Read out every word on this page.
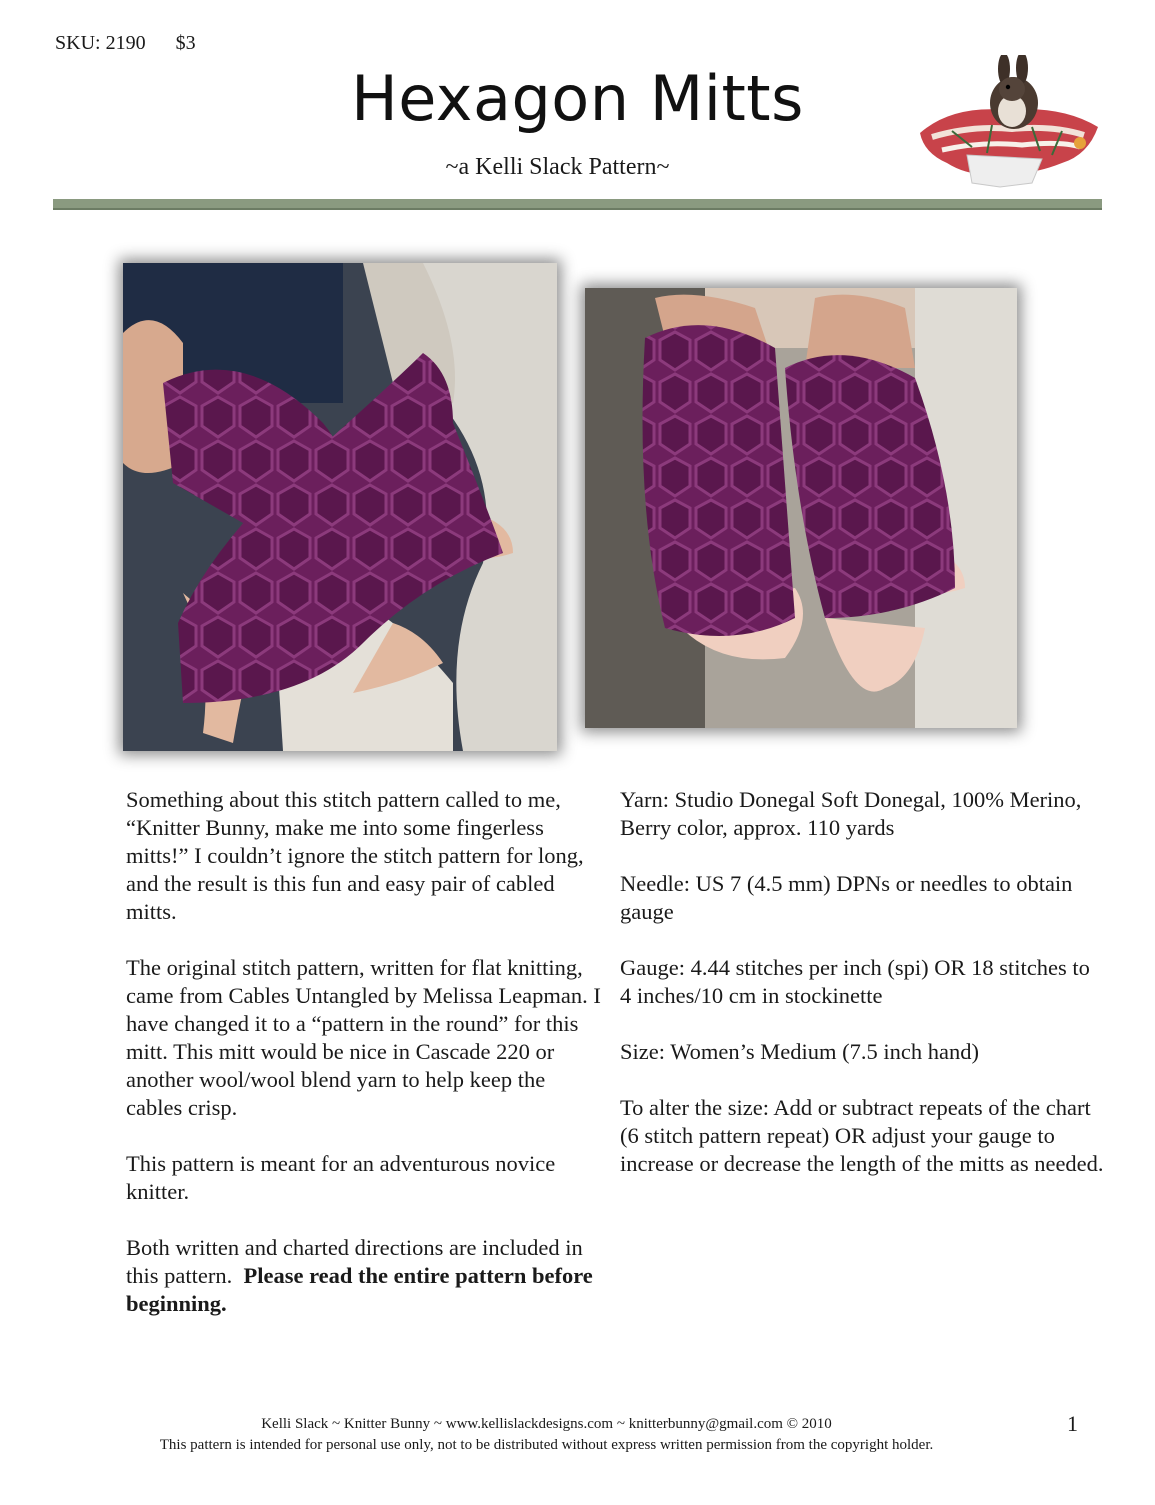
SKU: 2190 $3
Hexagon Mitts
~a Kelli Slack Pattern~

Something about this stitch pattern called to me, “Knitter Bunny, make me into some fingerless mitts!” I couldn’t ignore the stitch pattern for long, and the result is this fun and easy pair of cabled mitts.

The original stitch pattern, written for flat knitting, came from Cables Untangled by Melissa Leapman. I have changed it to a “pattern in the round” for this mitt. This mitt would be nice in Cascade 220 or another wool/wool blend yarn to help keep the cables crisp.

This pattern is meant for an adventurous novice knitter.

Both written and charted directions are included in this pattern. Please read the entire pattern before beginning.

Yarn: Studio Donegal Soft Donegal, 100% Merino, Berry color, approx. 110 yards

Needle: US 7 (4.5 mm) DPNs or needles to obtain gauge

Gauge: 4.44 stitches per inch (spi) OR 18 stitches to 4 inches/10 cm in stockinette

Size: Women’s Medium (7.5 inch hand)

To alter the size: Add or subtract repeats of the chart (6 stitch pattern repeat) OR adjust your gauge to increase or decrease the length of the mitts as needed.

Kelli Slack ~ Knitter Bunny ~ www.kellislackdesigns.com ~ knitterbunny@gmail.com © 2010
This pattern is intended for personal use only, not to be distributed without express written permission from the copyright holder.
1
